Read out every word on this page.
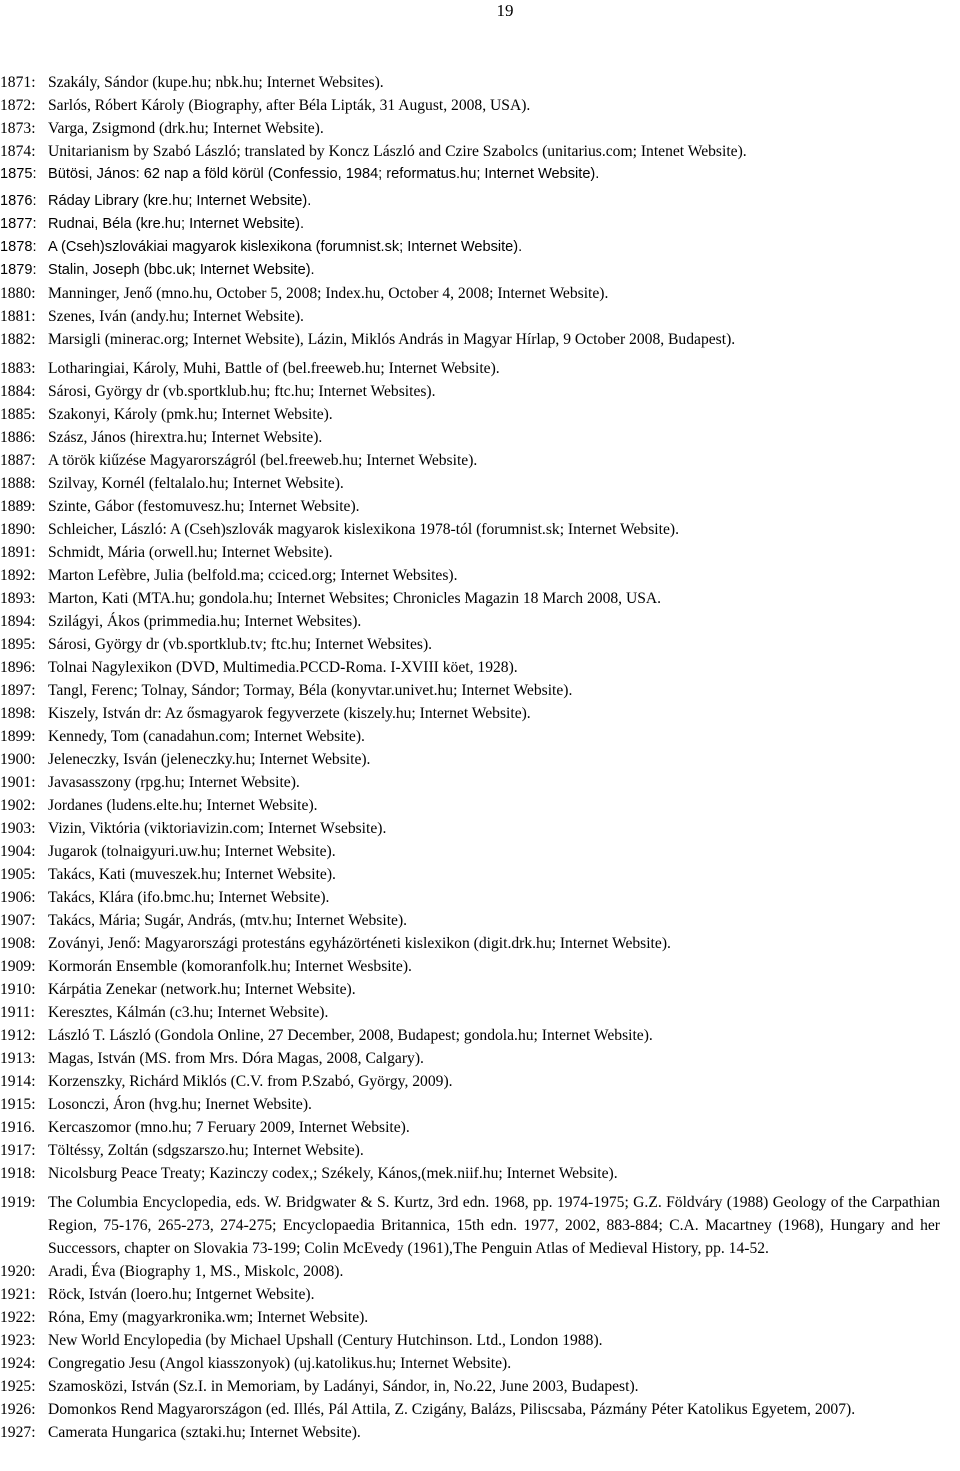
19
1871: Szakály, Sándor (kupe.hu; nbk.hu; Internet Websites).
1872: Sarlós, Róbert Károly (Biography, after Béla Lipták, 31 August, 2008, USA).
1873: Varga, Zsigmond (drk.hu; Internet Website).
1874: Unitarianism by Szabó László; translated by Koncz László and Czire Szabolcs (unitarius.com; Intenet Website).
1875: Bütösi, János: 62 nap a föld körül (Confessio, 1984; reformatus.hu; Internet Website).
1876: Ráday Library (kre.hu; Internet Website).
1877: Rudnai, Béla (kre.hu; Internet Website).
1878: A (Cseh)szlovákiai magyarok kislexikona (forumnist.sk; Internet Website).
1879: Stalin, Joseph (bbc.uk; Internet Website).
1880: Manninger, Jenő (mno.hu, October 5, 2008; Index.hu, October 4, 2008; Internet Website).
1881: Szenes, Iván (andy.hu; Internet Website).
1882: Marsigli (minerac.org; Internet Website), Lázin, Miklós András in Magyar Hírlap, 9 October 2008, Budapest).
1883: Lotharingiai, Károly, Muhi, Battle of (bel.freeweb.hu; Internet Website).
1884: Sárosi, György dr (vb.sportklub.hu; ftc.hu; Internet Websites).
1885: Szakonyi, Károly (pmk.hu; Internet Website).
1886: Szász, János (hirextra.hu; Internet Website).
1887: A török kiűzése Magyarországról (bel.freeweb.hu; Internet Website).
1888: Szilvay, Kornél (feltalalo.hu; Internet Website).
1889: Szinte, Gábor (festomuvesz.hu; Internet Website).
1890: Schleicher, László: A (Cseh)szlovák magyarok kislexikona 1978-tól (forumnist.sk; Internet Website).
1891: Schmidt, Mária (orwell.hu; Internet Website).
1892: Marton Lefèbre, Julia (belfold.ma; cciced.org; Internet Websites).
1893: Marton, Kati (MTA.hu; gondola.hu; Internet Websites; Chronicles Magazin 18 March 2008, USA.
1894: Szilágyi, Ákos (primmedia.hu; Internet Websites).
1895: Sárosi, György dr (vb.sportklub.tv; ftc.hu; Internet Websites).
1896: Tolnai Nagylexikon (DVD, Multimedia.PCCD-Roma. I-XVIII köet, 1928).
1897: Tangl, Ferenc; Tolnay, Sándor; Tormay, Béla (konyvtar.univet.hu; Internet Website).
1898: Kiszely, István dr: Az ősmagyarok fegyverzete (kiszely.hu; Internet Website).
1899: Kennedy, Tom (canadahun.com; Internet Website).
1900: Jeleneczky, Isván (jeleneczky.hu; Internet Website).
1901: Javasasszony (rpg.hu; Internet Website).
1902: Jordanes (ludens.elte.hu; Internet Website).
1903: Vizin, Viktória (viktoriavizin.com; Internet Wsebsite).
1904: Jugarok (tolnaigyuri.uw.hu; Internet Website).
1905: Takács, Kati (muveszek.hu; Internet Website).
1906: Takács, Klára (ifo.bmc.hu; Internet Website).
1907: Takács, Mária; Sugár, András, (mtv.hu; Internet Website).
1908: Zoványi, Jenő: Magyarországi protestáns egyházörténeti kislexikon (digit.drk.hu; Internet Website).
1909: Kormorán Ensemble (komoranfolk.hu; Internet Wesbsite).
1910: Kárpátia Zenekar (network.hu; Internet Website).
1911: Keresztes, Kálmán (c3.hu; Internet Website).
1912: László T. László (Gondola Online, 27 December, 2008, Budapest; gondola.hu; Internet Website).
1913: Magas, István (MS. from Mrs. Dóra Magas, 2008, Calgary).
1914: Korzenszky, Richárd Miklós (C.V. from P.Szabó, György, 2009).
1915: Losonczi, Áron (hvg.hu; Inernet Website).
1916. Kercaszomor (mno.hu; 7 Feruary 2009, Internet Website).
1917: Töltéssy, Zoltán (sdgszarszo.hu; Internet Website).
1918: Nicolsburg Peace Treaty; Kazinczy codex,; Székely, Kános,(mek.niif.hu; Internet Website).
1919: The Columbia Encyclopedia, eds. W. Bridgwater & S. Kurtz, 3rd edn. 1968, pp. 1974-1975; G.Z. Földváry (1988) Geology of the Carpathian Region, 75-176, 265-273, 274-275; Encyclopaedia Britannica, 15th edn. 1977, 2002, 883-884; C.A. Macartney (1968), Hungary and her Successors, chapter on Slovakia 73-199; Colin McEvedy (1961),The Penguin Atlas of Medieval History, pp. 14-52.
1920: Aradi, Éva (Biography 1, MS., Miskolc, 2008).
1921: Röck, István (loero.hu; Intgernet Website).
1922: Róna, Emy (magyarkronika.wm; Internet Website).
1923: New World Encylopedia (by Michael Upshall (Century Hutchinson. Ltd., London 1988).
1924: Congregatio Jesu (Angol kiasszonyok) (uj.katolikus.hu; Internet Website).
1925: Szamosközi, István (Sz.I. in Memoriam, by Ladányi, Sándor, in, No.22, June 2003, Budapest).
1926: Domonkos Rend Magyarországon (ed. Illés, Pál Attila, Z. Czigány, Balázs, Piliscsaba, Pázmány Péter Katolikus Egyetem, 2007).
1927: Camerata Hungarica (sztaki.hu; Internet Website).
